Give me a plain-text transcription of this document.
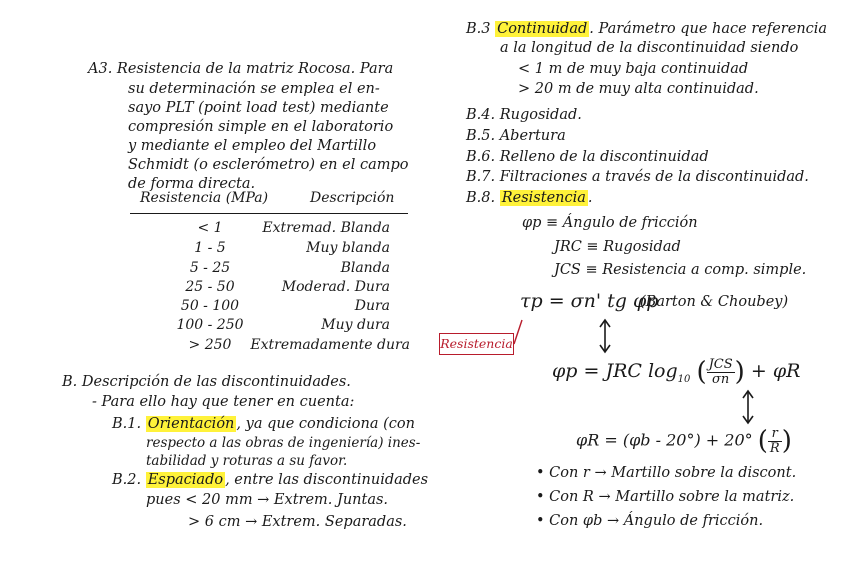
A3. Resistencia de la matriz Rocosa. Para
su determinación se emplea el en-
sayo PLT (point load test) mediante
compresión simple en el laboratorio
y mediante el empleo del Martillo
Schmidt (o esclerómetro) en el campo
de forma directa.
Resistencia (MPa)	Descripción
< 1	Extremad. Blanda
1 - 5	Muy blanda
5 - 25	Blanda
25 - 50	Moderad. Dura
50 - 100	Dura
100 - 250	Muy dura
> 250	Extremadamente dura
B. Descripción de las discontinuidades.
- Para ello hay que tener en cuenta:
B.1. Orientación , ya que condiciona (con
respecto a las obras de ingeniería) ines-
tabilidad y roturas a su favor.
B.2. Espaciado , entre las discontinuidades
pues < 20 mm → Extrem. Juntas.
> 6 cm → Extrem. Separadas.
B.3 Continuidad . Parámetro que hace referencia
a la longitud de la discontinuidad siendo
< 1 m de muy baja continuidad
> 20 m de muy alta continuidad.
B.4. Rugosidad.
B.5. Abertura
B.6. Relleno de la discontinuidad
B.7. Filtraciones a través de la discontinuidad.
B.8. Resistencia .
φp ≡ Ángulo de fricción
JRC ≡ Rugosidad
JCS ≡ Resistencia a comp. simple.
τp = σn' tg φp
(Barton & Choubey)
Resistencia
φp = JRC $\log_{10}$ ( $\frac{\text{JCS}}{\sigma n}$ ) + φR
φR = (φb - 20°) + 20° ( $\frac{r}{R}$ )
• Con r → Martillo sobre la discont.
• Con R → Martillo sobre la matriz.
• Con φb → Ángulo de fricción.
